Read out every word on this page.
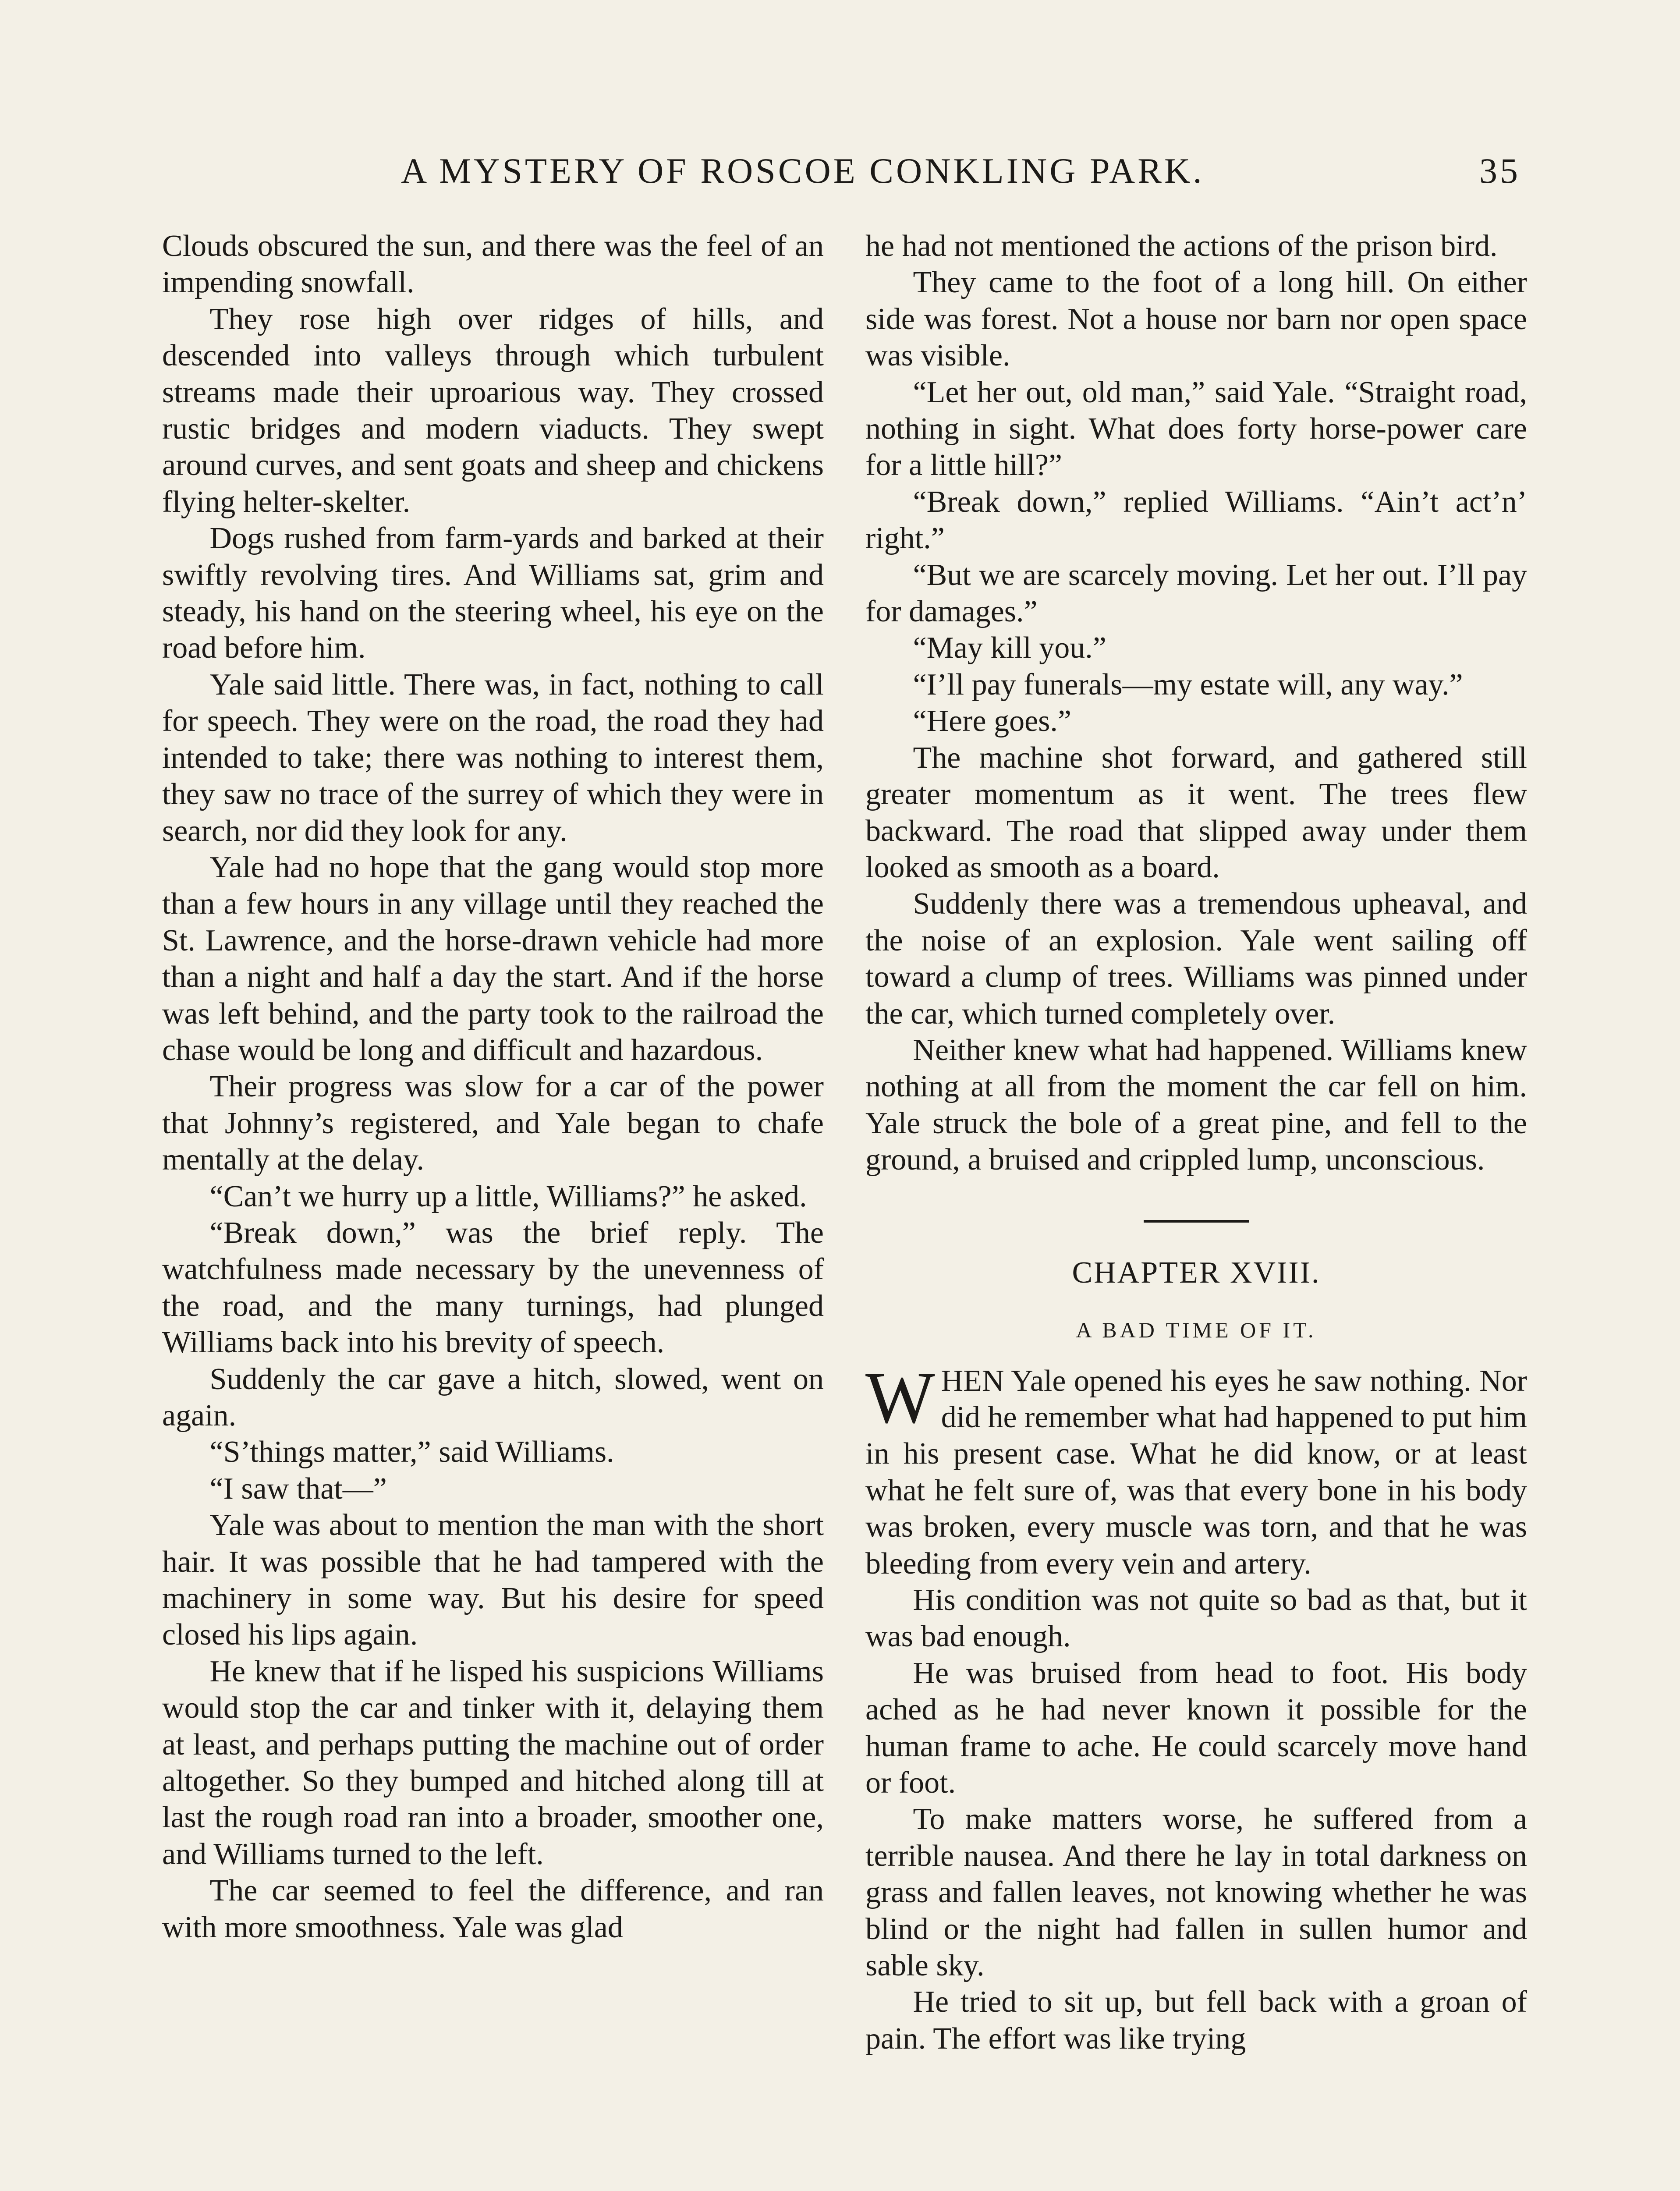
A MYSTERY OF ROSCOE CONKLING PARK.	35

Clouds obscured the sun, and there was the feel of an impending snowfall.

They rose high over ridges of hills, and descended into valleys through which turbulent streams made their uproarious way. They crossed rustic bridges and modern viaducts. They swept around curves, and sent goats and sheep and chickens flying helter-skelter.

Dogs rushed from farm-yards and barked at their swiftly revolving tires. And Williams sat, grim and steady, his hand on the steering wheel, his eye on the road before him.

Yale said little. There was, in fact, nothing to call for speech. They were on the road, the road they had intended to take; there was nothing to interest them, they saw no trace of the surrey of which they were in search, nor did they look for any.

Yale had no hope that the gang would stop more than a few hours in any village until they reached the St. Lawrence, and the horse-drawn vehicle had more than a night and half a day the start. And if the horse was left behind, and the party took to the railroad the chase would be long and difficult and hazardous.

Their progress was slow for a car of the power that Johnny’s registered, and Yale began to chafe mentally at the delay.

“Can’t we hurry up a little, Williams?” he asked.

“Break down,” was the brief reply. The watchfulness made necessary by the unevenness of the road, and the many turnings, had plunged Williams back into his brevity of speech.

Suddenly the car gave a hitch, slowed, went on again.

“S’things matter,” said Williams.

“I saw that—”

Yale was about to mention the man with the short hair. It was possible that he had tampered with the machinery in some way. But his desire for speed closed his lips again.

He knew that if he lisped his suspicions Williams would stop the car and tinker with it, delaying them at least, and perhaps putting the machine out of order altogether. So they bumped and hitched along till at last the rough road ran into a broader, smoother one, and Williams turned to the left.

The car seemed to feel the difference, and ran with more smoothness. Yale was glad

he had not mentioned the actions of the prison bird.

They came to the foot of a long hill. On either side was forest. Not a house nor barn nor open space was visible.

“Let her out, old man,” said Yale. “Straight road, nothing in sight. What does forty horse-power care for a little hill?”

“Break down,” replied Williams. “Ain’t act’n’ right.”

“But we are scarcely moving. Let her out. I’ll pay for damages.”

“May kill you.”

“I’ll pay funerals—my estate will, any way.”

“Here goes.”

The machine shot forward, and gathered still greater momentum as it went. The trees flew backward. The road that slipped away under them looked as smooth as a board.

Suddenly there was a tremendous upheaval, and the noise of an explosion. Yale went sailing off toward a clump of trees. Williams was pinned under the car, which turned completely over.

Neither knew what had happened. Williams knew nothing at all from the moment the car fell on him. Yale struck the bole of a great pine, and fell to the ground, a bruised and crippled lump, unconscious.

CHAPTER XVIII.
A BAD TIME OF IT.

WHEN Yale opened his eyes he saw nothing. Nor did he remember what had happened to put him in his present case. What he did know, or at least what he felt sure of, was that every bone in his body was broken, every muscle was torn, and that he was bleeding from every vein and artery.

His condition was not quite so bad as that, but it was bad enough.

He was bruised from head to foot. His body ached as he had never known it possible for the human frame to ache. He could scarcely move hand or foot.

To make matters worse, he suffered from a terrible nausea. And there he lay in total darkness on grass and fallen leaves, not knowing whether he was blind or the night had fallen in sullen humor and sable sky.

He tried to sit up, but fell back with a groan of pain. The effort was like trying
